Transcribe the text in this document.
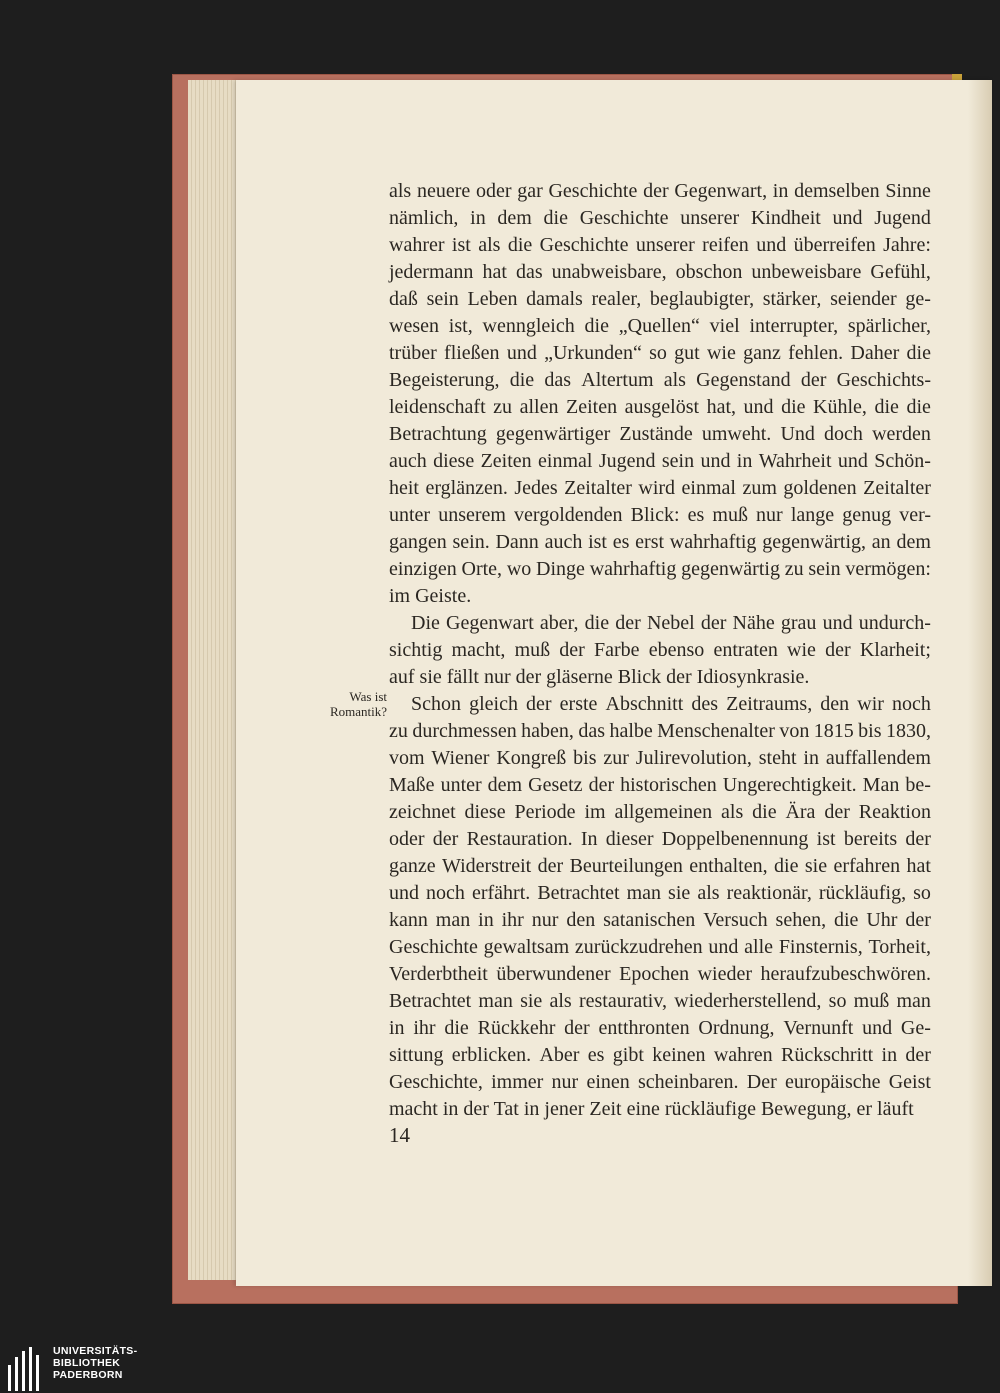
als neuere oder gar Geschichte der Gegenwart, in demselben Sinne
nämlich, in dem die Geschichte unserer Kindheit und Jugend
wahrer ist als die Geschichte unserer reifen und überreifen Jahre:
jedermann hat das unabweisbare, obschon unbeweisbare Gefühl,
daß sein Leben damals realer, beglaubigter, stärker, seiender ge-
wesen ist, wenngleich die „Quellen“ viel interrupter, spärlicher,
trüber fließen und „Urkunden“ so gut wie ganz fehlen. Daher die
Begeisterung, die das Altertum als Gegenstand der Geschichts-
leidenschaft zu allen Zeiten ausgelöst hat, und die Kühle, die die
Betrachtung gegenwärtiger Zustände umweht. Und doch werden
auch diese Zeiten einmal Jugend sein und in Wahrheit und Schön-
heit erglänzen. Jedes Zeitalter wird einmal zum goldenen Zeitalter
unter unserem vergoldenden Blick: es muß nur lange genug ver-
gangen sein. Dann auch ist es erst wahrhaftig gegenwärtig, an dem
einzigen Orte, wo Dinge wahrhaftig gegenwärtig zu sein vermögen:
im Geiste.
Die Gegenwart aber, die der Nebel der Nähe grau und undurch-
sichtig macht, muß der Farbe ebenso entraten wie der Klarheit;
auf sie fällt nur der gläserne Blick der Idiosynkrasie.
Schon gleich der erste Abschnitt des Zeitraums, den wir noch
zu durchmessen haben, das halbe Menschenalter von 1815 bis 1830,
vom Wiener Kongreß bis zur Julirevolution, steht in auffallendem
Maße unter dem Gesetz der historischen Ungerechtigkeit. Man be-
zeichnet diese Periode im allgemeinen als die Ära der Reaktion
oder der Restauration. In dieser Doppelbenennung ist bereits der
ganze Widerstreit der Beurteilungen enthalten, die sie erfahren hat
und noch erfährt. Betrachtet man sie als reaktionär, rückläufig, so
kann man in ihr nur den satanischen Versuch sehen, die Uhr der
Geschichte gewaltsam zurückzudrehen und alle Finsternis, Torheit,
Verderbtheit überwundener Epochen wieder heraufzubeschwören.
Betrachtet man sie als restaurativ, wiederherstellend, so muß man
in ihr die Rückkehr der entthronten Ordnung, Vernunft und Ge-
sittung erblicken. Aber es gibt keinen wahren Rückschritt in der
Geschichte, immer nur einen scheinbaren. Der europäische Geist
macht in der Tat in jener Zeit eine rückläufige Bewegung, er läuft
Was ist
Romantik?
14
UNIVERSITÄTS-
BIBLIOTHEK
PADERBORN
